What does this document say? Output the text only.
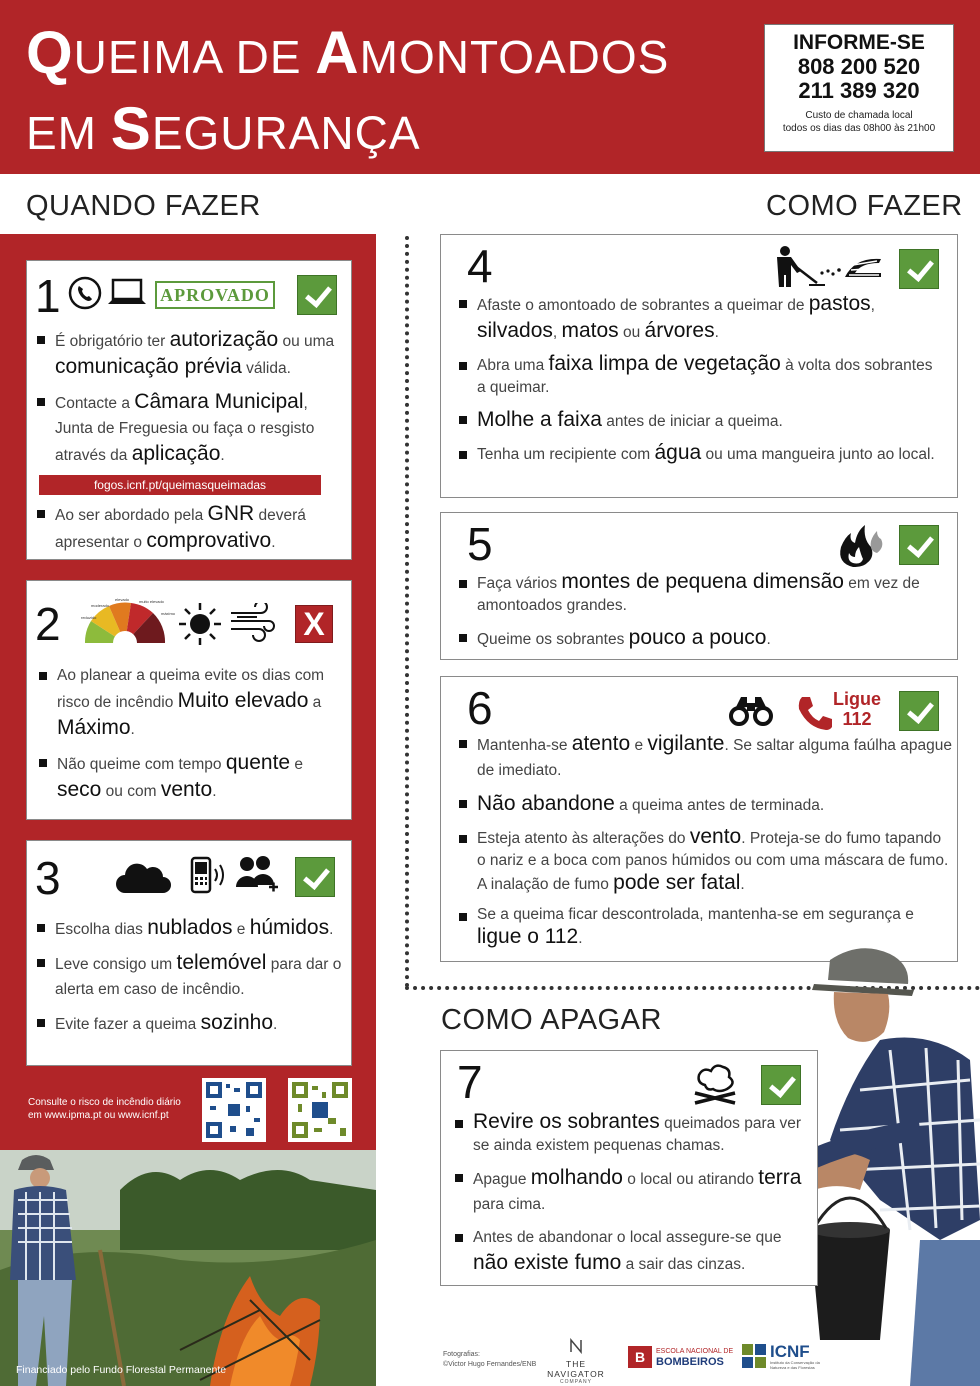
QUEIMA DE AMONTOADOS
EM SEGURANÇA
INFORME-SE
808 200 520
211 389 320
Custo de chamada local
todos os dias das 08h00 às 21h00
QUANDO FAZER	COMO FAZER
COMO APAGAR
1	APROVADO
É obrigatório ter autorização ou uma comunicação prévia válida.
Contacte a Câmara Municipal, Junta de Freguesia ou faça o resgisto através da aplicação.
fogos.icnf.pt/queimasqueimadas
Ao ser abordado pela GNR deverá apresentar o comprovativo.
2	reduzido
moderado
elevado muito elevado
máximo	X
Ao planear a queima evite os dias com risco de incêndio Muito elevado a Máximo.
Não queime com tempo quente e seco ou com vento.
3
Escolha dias nublados e húmidos.
Leve consigo um telemóvel para dar o alerta em caso de incêndio.
Evite fazer a queima sozinho.
Consulte o risco de incêndio diário
em www.ipma.pt ou www.icnf.pt
Financiado pelo Fundo Florestal Permanente
4
Afaste o amontoado de sobrantes a queimar de pastos, silvados, matos ou árvores.
Abra uma faixa limpa de vegetação à volta dos sobrantes a queimar.
Molhe a faixa antes de iniciar a queima.
Tenha um recipiente com água ou uma mangueira junto ao local.
5
Faça vários montes de pequena dimensão em vez de amontoados grandes.
Queime os sobrantes pouco a pouco.
6	Ligue
112
Mantenha-se atento e vigilante. Se saltar alguma faúlha apague de imediato.
Não abandone a queima antes de terminada.
Esteja atento às alterações do vento. Proteja-se do fumo tapando o nariz e a boca com panos húmidos ou com uma máscara de fumo. A inalação de fumo pode ser fatal.
Se a queima ficar descontrolada, mantenha-se em segurança e ligue o 112.
7
Revire os sobrantes queimados para ver se ainda existem pequenas chamas.
Apague molhando o local ou atirando terra para cima.
Antes de abandonar o local assegure-se que não existe fumo a sair das cinzas.
Fotografias:
©Victor Hugo Fernandes/ENB	THE NAVIGATOR
COMPANY
B	ESCOLA NACIONAL DE
BOMBEIROS
ICNF
Instituto da Conservação da Natureza e das Florestas
